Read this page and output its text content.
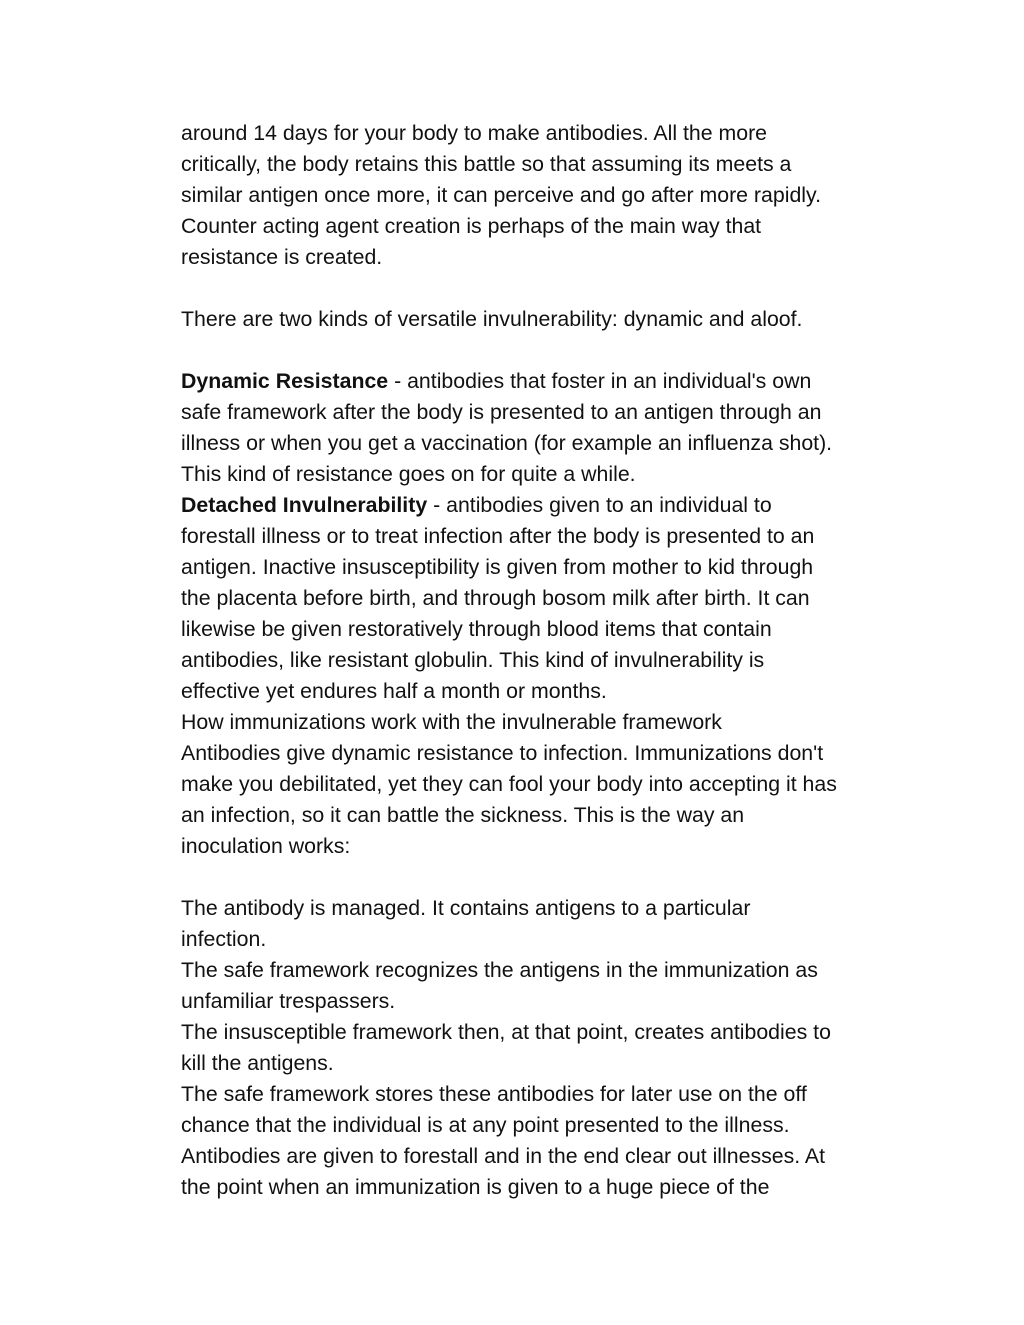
around 14 days for your body to make antibodies. All the more
critically, the body retains this battle so that assuming its meets a
similar antigen once more, it can perceive and go after more rapidly.
Counter acting agent creation is perhaps of the main way that
resistance is created.
There are two kinds of versatile invulnerability: dynamic and aloof.
Dynamic Resistance - antibodies that foster in an individual's own
safe framework after the body is presented to an antigen through an
illness or when you get a vaccination (for example an influenza shot).
This kind of resistance goes on for quite a while.
Detached Invulnerability - antibodies given to an individual to
forestall illness or to treat infection after the body is presented to an
antigen. Inactive insusceptibility is given from mother to kid through
the placenta before birth, and through bosom milk after birth. It can
likewise be given restoratively through blood items that contain
antibodies, like resistant globulin. This kind of invulnerability is
effective yet endures half a month or months.
How immunizations work with the invulnerable framework
Antibodies give dynamic resistance to infection. Immunizations don't
make you debilitated, yet they can fool your body into accepting it has
an infection, so it can battle the sickness. This is the way an
inoculation works:
The antibody is managed. It contains antigens to a particular
infection.
The safe framework recognizes the antigens in the immunization as
unfamiliar trespassers.
The insusceptible framework then, at that point, creates antibodies to
kill the antigens.
The safe framework stores these antibodies for later use on the off
chance that the individual is at any point presented to the illness.
Antibodies are given to forestall and in the end clear out illnesses. At
the point when an immunization is given to a huge piece of the
